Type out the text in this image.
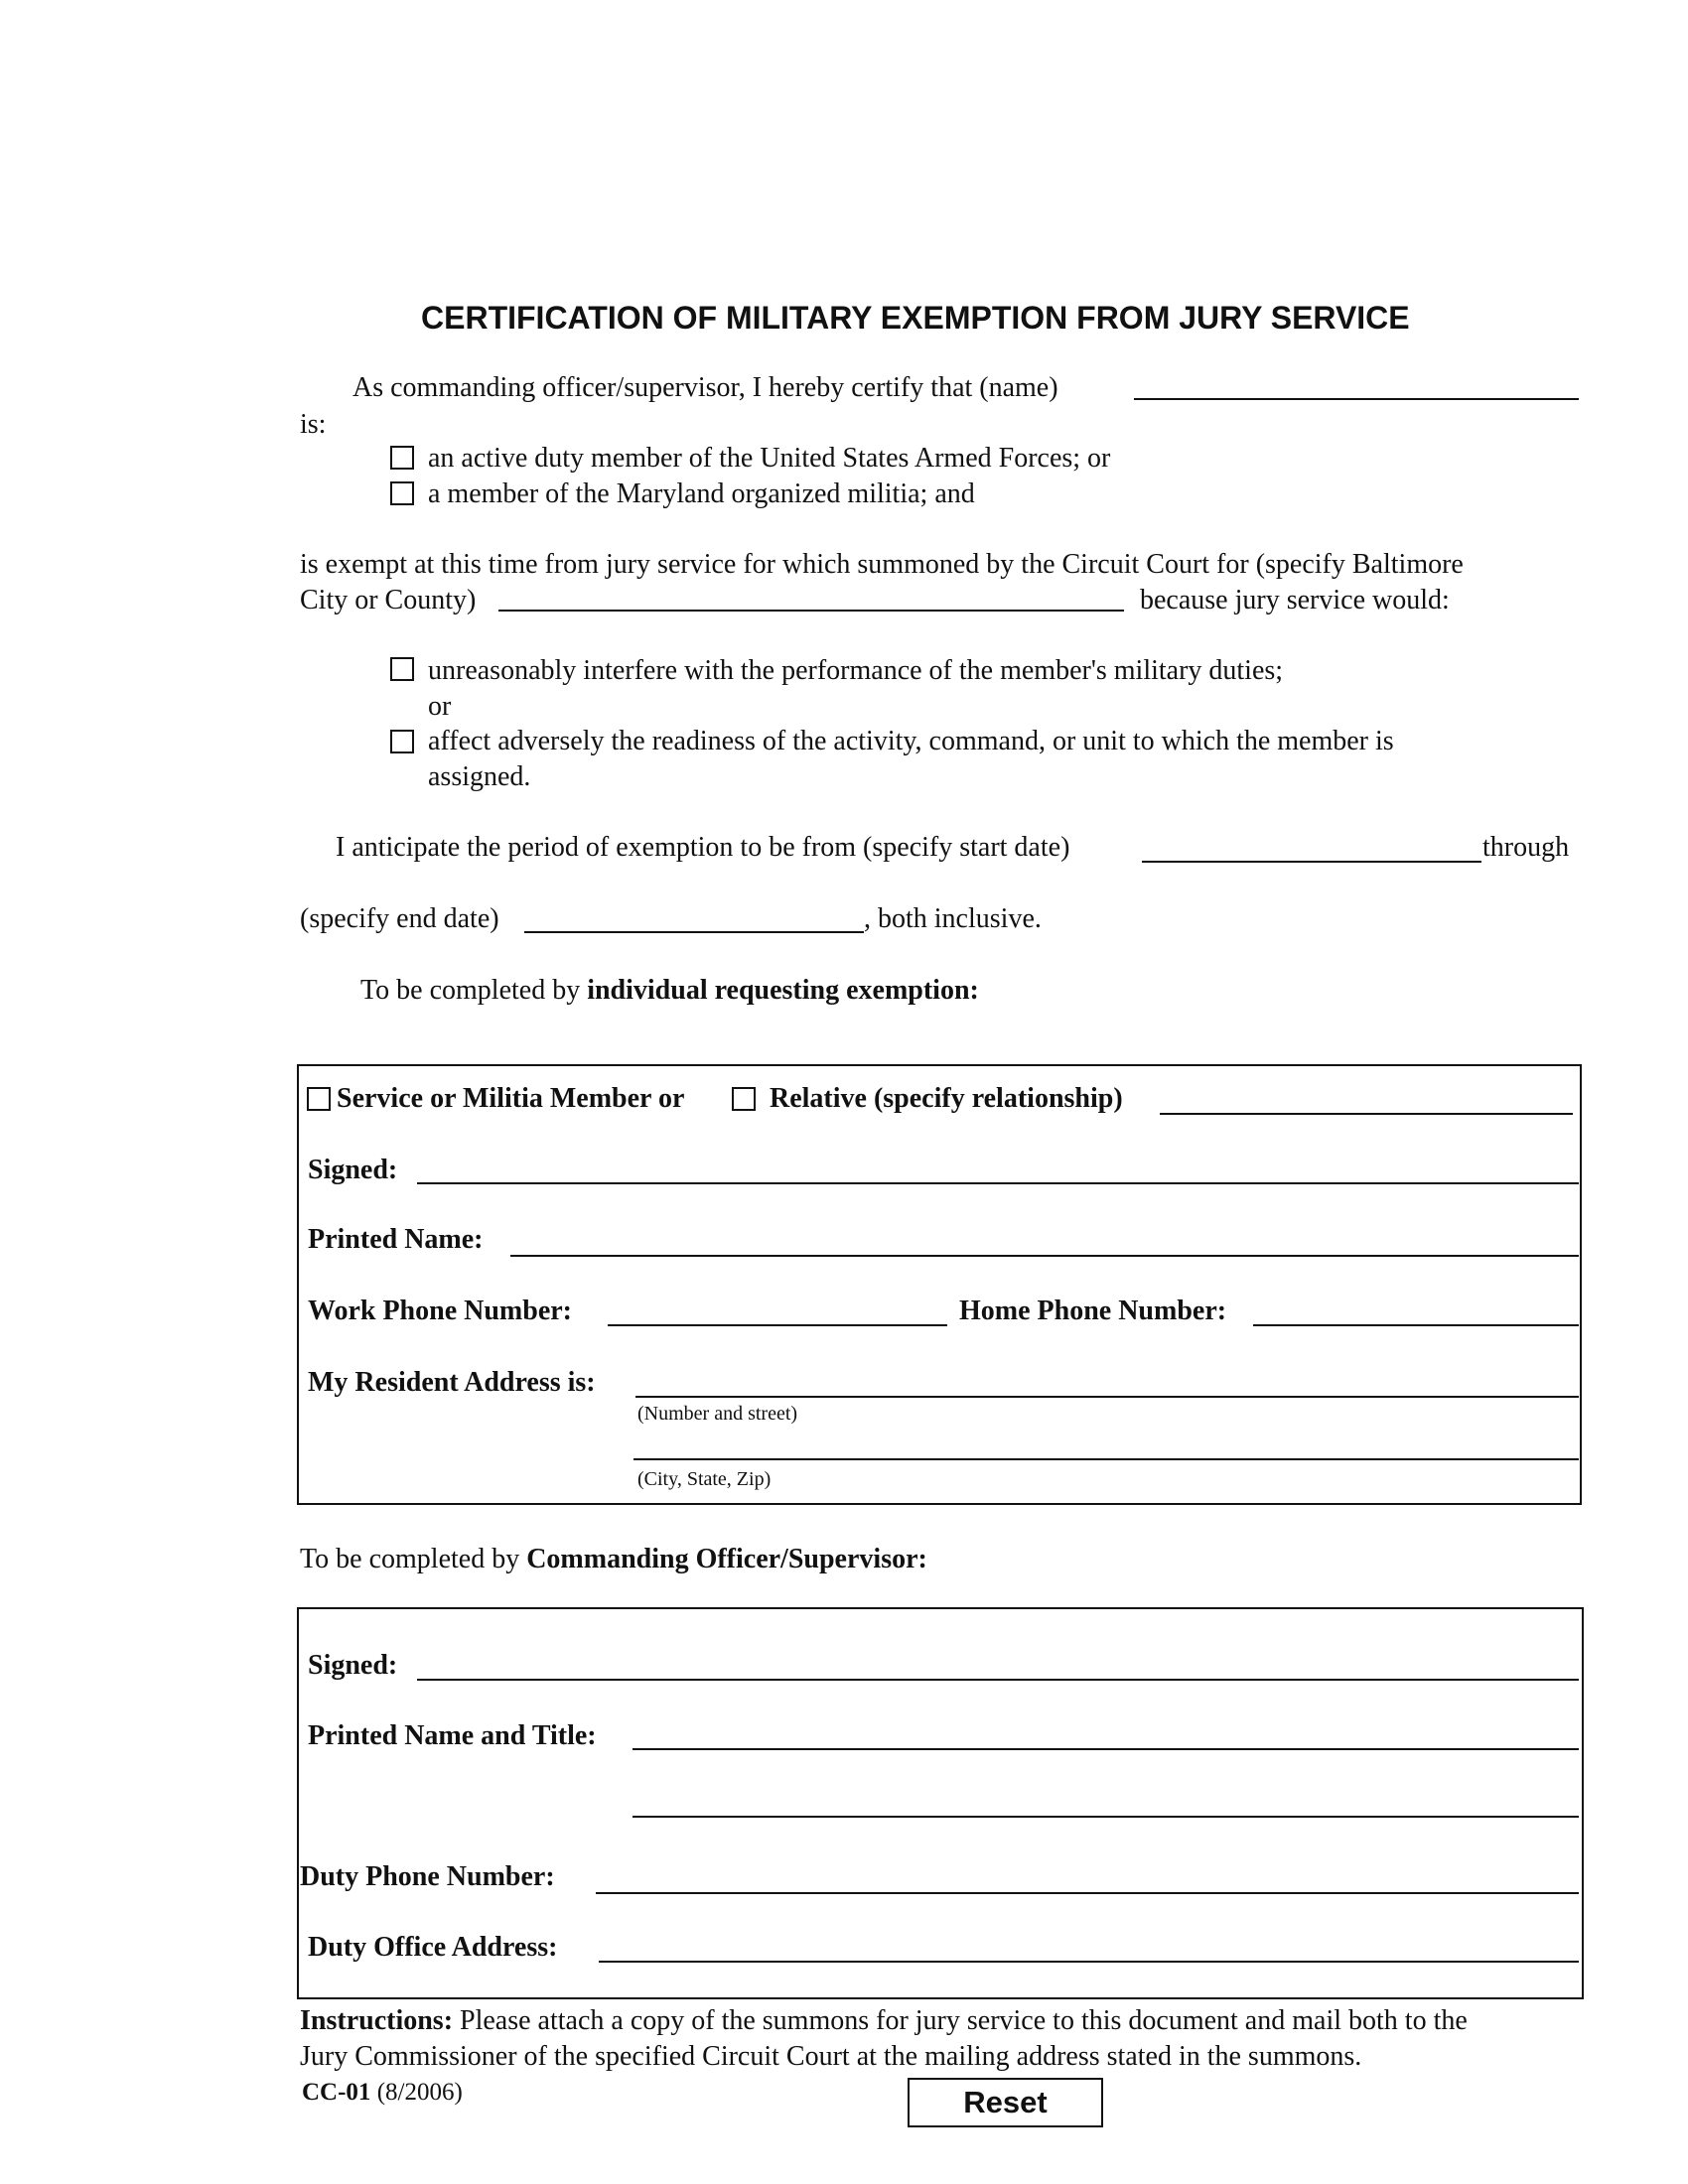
CERTIFICATION OF MILITARY EXEMPTION FROM JURY SERVICE
As commanding officer/supervisor, I hereby certify that (name)
is:
an active duty member of the United States Armed Forces; or
a member of the Maryland organized militia; and
is exempt at this time from jury service for which summoned by the Circuit Court for (specify Baltimore
City or County)	because jury service would:
unreasonably interfere with the performance of the member's military duties;
or
affect adversely the readiness of the activity, command, or unit to which the member is
assigned.
I anticipate the period of exemption to be from (specify start date)	through
(specify end date)	, both inclusive.
To be completed by individual requesting exemption:
Service or Militia Member or	Relative (specify relationship)
Signed:
Printed Name:
Work Phone Number:	Home Phone Number:
My Resident Address is:
(Number and street)
(City, State, Zip)
To be completed by Commanding Officer/Supervisor:
Signed:
Printed Name and Title:
Duty Phone Number:
Duty Office Address:
Instructions: Please attach a copy of the summons for jury service to this document and mail both to the
Jury Commissioner of the specified Circuit Court at the mailing address stated in the summons.
CC-01 (8/2006)	Reset
